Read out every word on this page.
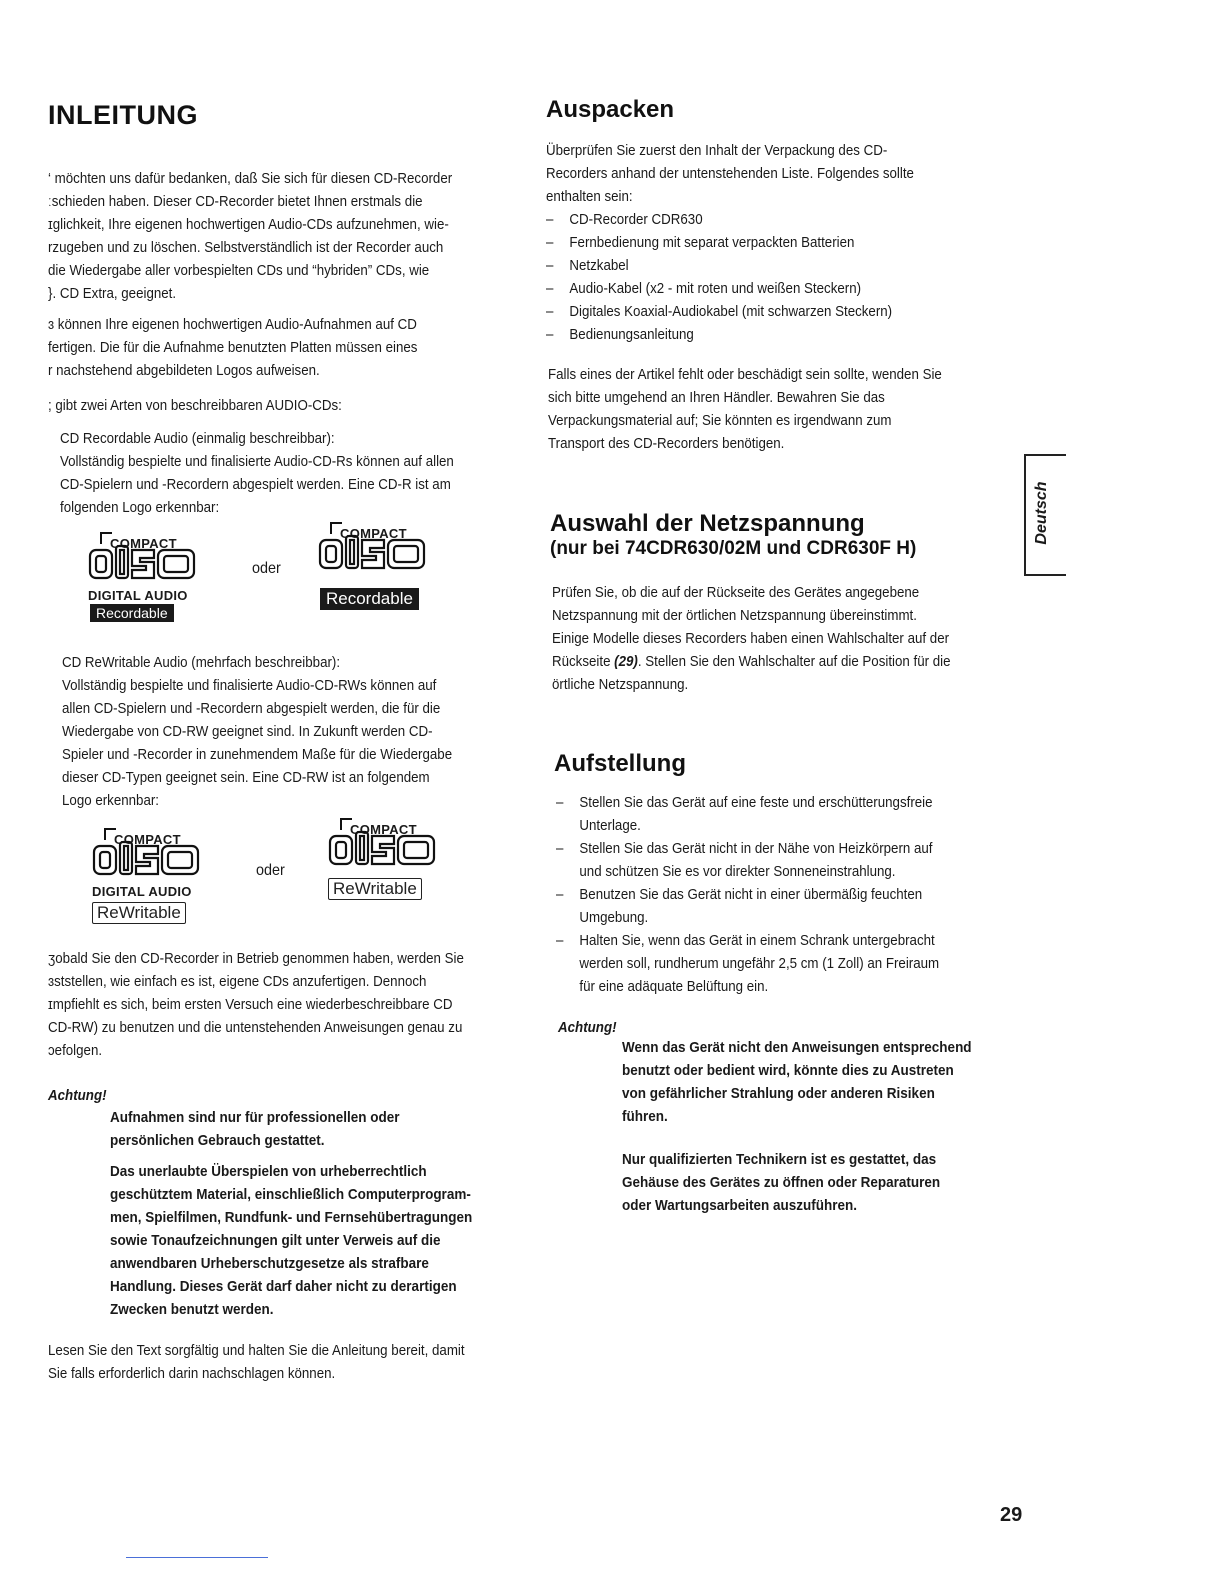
INLEITUNG
‘ möchten uns dafür bedanken, daß Sie sich für diesen CD-Recorder
ːschieden haben. Dieser CD-Recorder bietet Ihnen erstmals die
ɪglichkeit, Ihre eigenen hochwertigen Audio-CDs aufzunehmen, wie-
rzugeben und zu löschen. Selbstverständlich ist der Recorder auch
die Wiedergabe aller vorbespielten CDs und “hybriden” CDs, wie
}. CD Extra, geeignet.
ɜ können Ihre eigenen hochwertigen Audio-Aufnahmen auf CD
fertigen. Die für die Aufnahme benutzten Platten müssen eines
r nachstehend abgebildeten Logos aufweisen.
; gibt zwei Arten von beschreibbaren AUDIO-CDs:
CD Recordable Audio (einmalig beschreibbar):
Vollständig bespielte und finalisierte Audio-CD-Rs können auf allen
CD-Spielern und -Recordern abgespielt werden. Eine CD-R ist am
folgenden Logo erkennbar:
COMPACT
DIGITAL AUDIO
Recordable
oder
COMPACT
Recordable
CD ReWritable Audio (mehrfach beschreibbar):
Vollständig bespielte und finalisierte Audio-CD-RWs können auf
allen CD-Spielern und -Recordern abgespielt werden, die für die
Wiedergabe von CD-RW geeignet sind. In Zukunft werden CD-
Spieler und -Recorder in zunehmendem Maße für die Wiedergabe
dieser CD-Typen geeignet sein. Eine CD-RW ist an folgendem
Logo erkennbar:
COMPACT
DIGITAL AUDIO
ReWritable
oder
COMPACT
ReWritable
ʒobald Sie den CD-Recorder in Betrieb genommen haben, werden Sie
ɜststellen, wie einfach es ist, eigene CDs anzufertigen. Dennoch
ɪmpfiehlt es sich, beim ersten Versuch eine wiederbeschreibbare CD
CD-RW) zu benutzen und die untenstehenden Anweisungen genau zu
ɔefolgen.
Achtung!
Aufnahmen sind nur für professionellen oder
persönlichen Gebrauch gestattet.
Das unerlaubte Überspielen von urheberrechtlich
geschütztem Material, einschließlich Computerprogram-
men, Spielfilmen, Rundfunk- und Fernsehübertragungen
sowie Tonaufzeichnungen gilt unter Verweis auf die
anwendbaren Urheberschutzgesetze als strafbare
Handlung. Dieses Gerät darf daher nicht zu derartigen
Zwecken benutzt werden.
Lesen Sie den Text sorgfältig und halten Sie die Anleitung bereit, damit
Sie falls erforderlich darin nachschlagen können.
Auspacken
Überprüfen Sie zuerst den Inhalt der Verpackung des CD-
Recorders anhand der untenstehenden Liste. Folgendes sollte
enthalten sein:
– CD-Recorder CDR630
– Fernbedienung mit separat verpackten Batterien
– Netzkabel
– Audio-Kabel (x2 - mit roten und weißen Steckern)
– Digitales Koaxial-Audiokabel (mit schwarzen Steckern)
– Bedienungsanleitung
Falls eines der Artikel fehlt oder beschädigt sein sollte, wenden Sie
sich bitte umgehend an Ihren Händler. Bewahren Sie das
Verpackungsmaterial auf; Sie könnten es irgendwann zum
Transport des CD-Recorders benötigen.
Auswahl der Netzspannung
(nur bei 74CDR630/02M und CDR630F H)
Prüfen Sie, ob die auf der Rückseite des Gerätes angegebene
Netzspannung mit der örtlichen Netzspannung übereinstimmt.
Einige Modelle dieses Recorders haben einen Wahlschalter auf der
Rückseite (29). Stellen Sie den Wahlschalter auf die Position für die
örtliche Netzspannung.
Aufstellung
– Stellen Sie das Gerät auf eine feste und erschütterungsfreie
Unterlage.
– Stellen Sie das Gerät nicht in der Nähe von Heizkörpern auf
und schützen Sie es vor direkter Sonneneinstrahlung.
– Benutzen Sie das Gerät nicht in einer übermäßig feuchten
Umgebung.
– Halten Sie, wenn das Gerät in einem Schrank untergebracht
werden soll, rundherum ungefähr 2,5 cm (1 Zoll) an Freiraum
für eine adäquate Belüftung ein.
Achtung!
Wenn das Gerät nicht den Anweisungen entsprechend
benutzt oder bedient wird, könnte dies zu Austreten
von gefährlicher Strahlung oder anderen Risiken
führen.
Nur qualifizierten Technikern ist es gestattet, das
Gehäuse des Gerätes zu öffnen oder Reparaturen
oder Wartungsarbeiten auszuführen.
Deutsch
29
